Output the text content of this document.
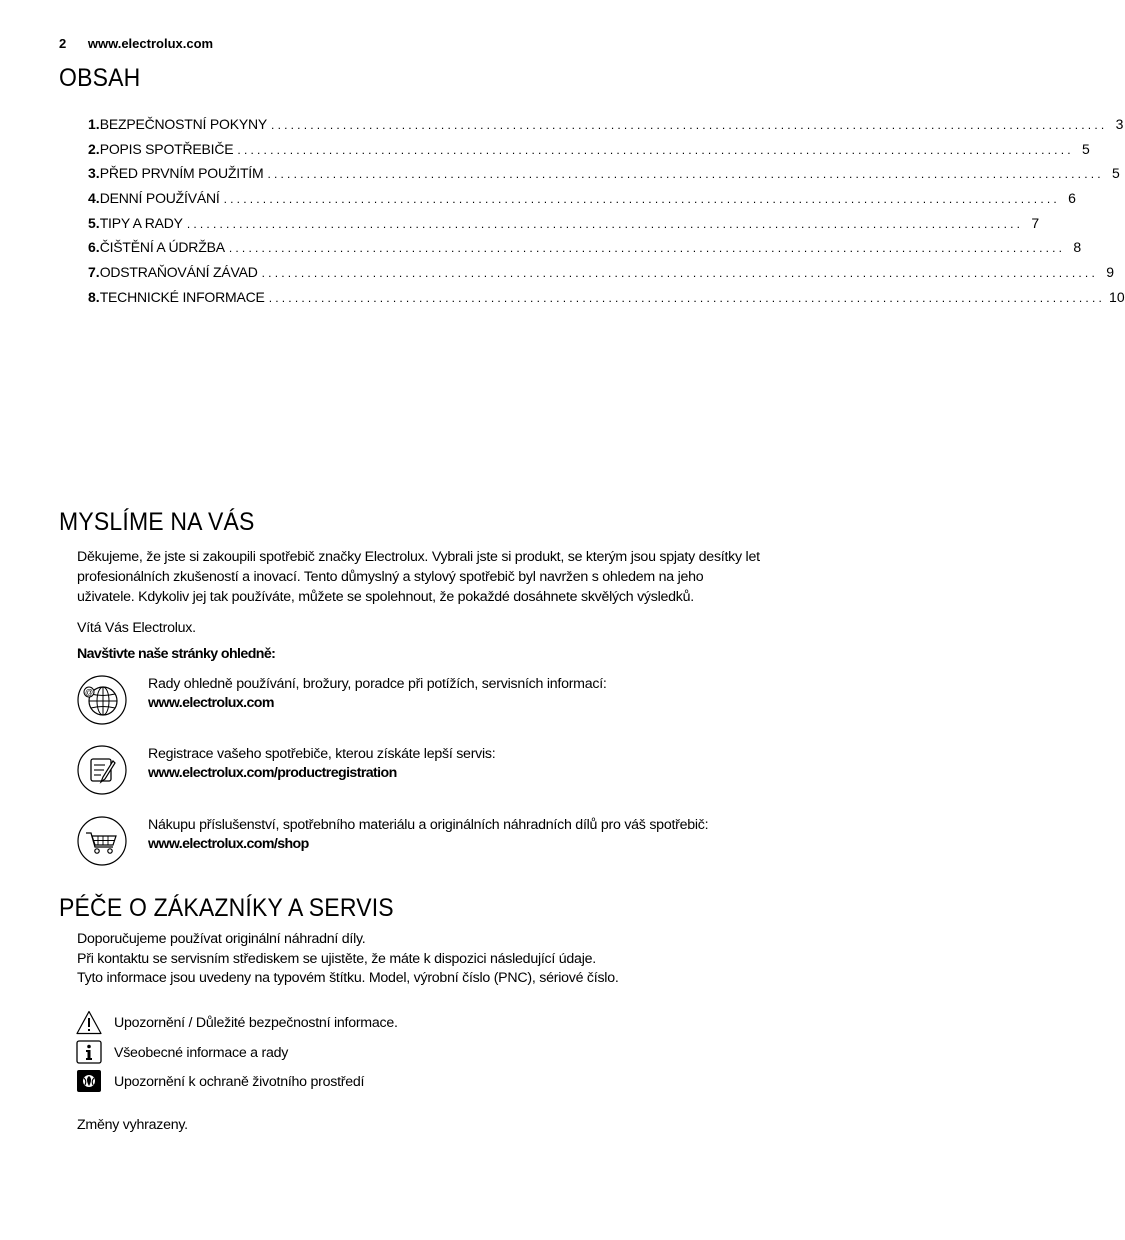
2 www.electrolux.com
OBSAH
1. BEZPEČNOSTNÍ POKYNY ................................................................................................................................ 3
2. POPIS SPOTŘEBIČE ................................................................................................................................ 5
3. PŘED PRVNÍM POUŽITÍM ................................................................................................................................ 5
4. DENNÍ POUŽÍVÁNÍ ................................................................................................................................ 6
5. TIPY A RADY ................................................................................................................................ 7
6. ČIŠTĚNÍ A ÚDRŽBA ................................................................................................................................ 8
7. ODSTRAŇOVÁNÍ ZÁVAD ................................................................................................................................ 9
8. TECHNICKÉ INFORMACE ................................................................................................................................ 10
MYSLÍME NA VÁS
Děkujeme, že jste si zakoupili spotřebič značky Electrolux. Vybrali jste si produkt, se kterým jsou spjaty desítky let
profesionálních zkušeností a inovací. Tento důmyslný a stylový spotřebič byl navržen s ohledem na jeho
uživatele. Kdykoliv jej tak používáte, můžete se spolehnout, že pokaždé dosáhnete skvělých výsledků.
Vítá Vás Electrolux.
Navštivte naše stránky ohledně:
@
Rady ohledně používání, brožury, poradce při potížích, servisních informací:
www.electrolux.com
Registrace vašeho spotřebiče, kterou získáte lepší servis:
www.electrolux.com/productregistration
Nákupu příslušenství, spotřebního materiálu a originálních náhradních dílů pro váš spotřebič:
www.electrolux.com/shop
PÉČE O ZÁKAZNÍKY A SERVIS
Doporučujeme používat originální náhradní díly.
Při kontaktu se servisním střediskem se ujistěte, že máte k dispozici následující údaje.
Tyto informace jsou uvedeny na typovém štítku. Model, výrobní číslo (PNC), sériové číslo.
Upozornění / Důležité bezpečnostní informace.
Všeobecné informace a rady
Upozornění k ochraně životního prostředí
Změny vyhrazeny.
